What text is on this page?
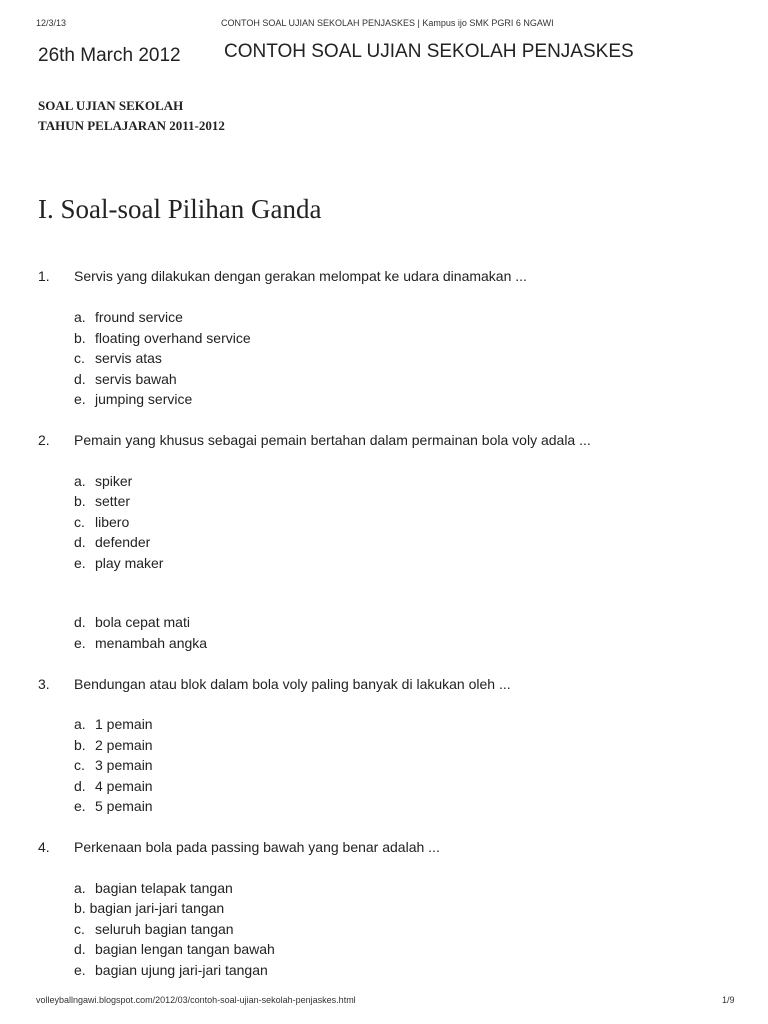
12/3/13	CONTOH SOAL UJIAN SEKOLAH PENJASKES | Kampus ijo SMK PGRI 6 NGAWI
26th March 2012 CONTOH SOAL UJIAN SEKOLAH PENJASKES
SOAL UJIAN SEKOLAH
TAHUN PELAJARAN 2011-2012
I. Soal-soal Pilihan Ganda
1. Servis yang dilakukan dengan gerakan melompat ke udara dinamakan ...
a. fround service
b. floating overhand service
c. servis atas
d. servis bawah
e. jumping service
2. Pemain yang khusus sebagai pemain bertahan dalam permainan bola voly adala ...
a. spiker
b. setter
c. libero
d. defender
e. play maker
d. bola cepat mati
e. menambah angka
3. Bendungan atau blok dalam bola voly paling banyak di lakukan oleh ...
a. 1 pemain
b. 2 pemain
c. 3 pemain
d. 4 pemain
e. 5 pemain
4. Perkenaan bola pada passing bawah yang benar adalah ...
a. bagian telapak tangan
b. bagian jari-jari tangan
c. seluruh bagian tangan
d. bagian lengan tangan bawah
e. bagian ujung jari-jari tangan
volleyballngawi.blogspot.com/2012/03/contoh-soal-ujian-sekolah-penjaskes.html	1/9
